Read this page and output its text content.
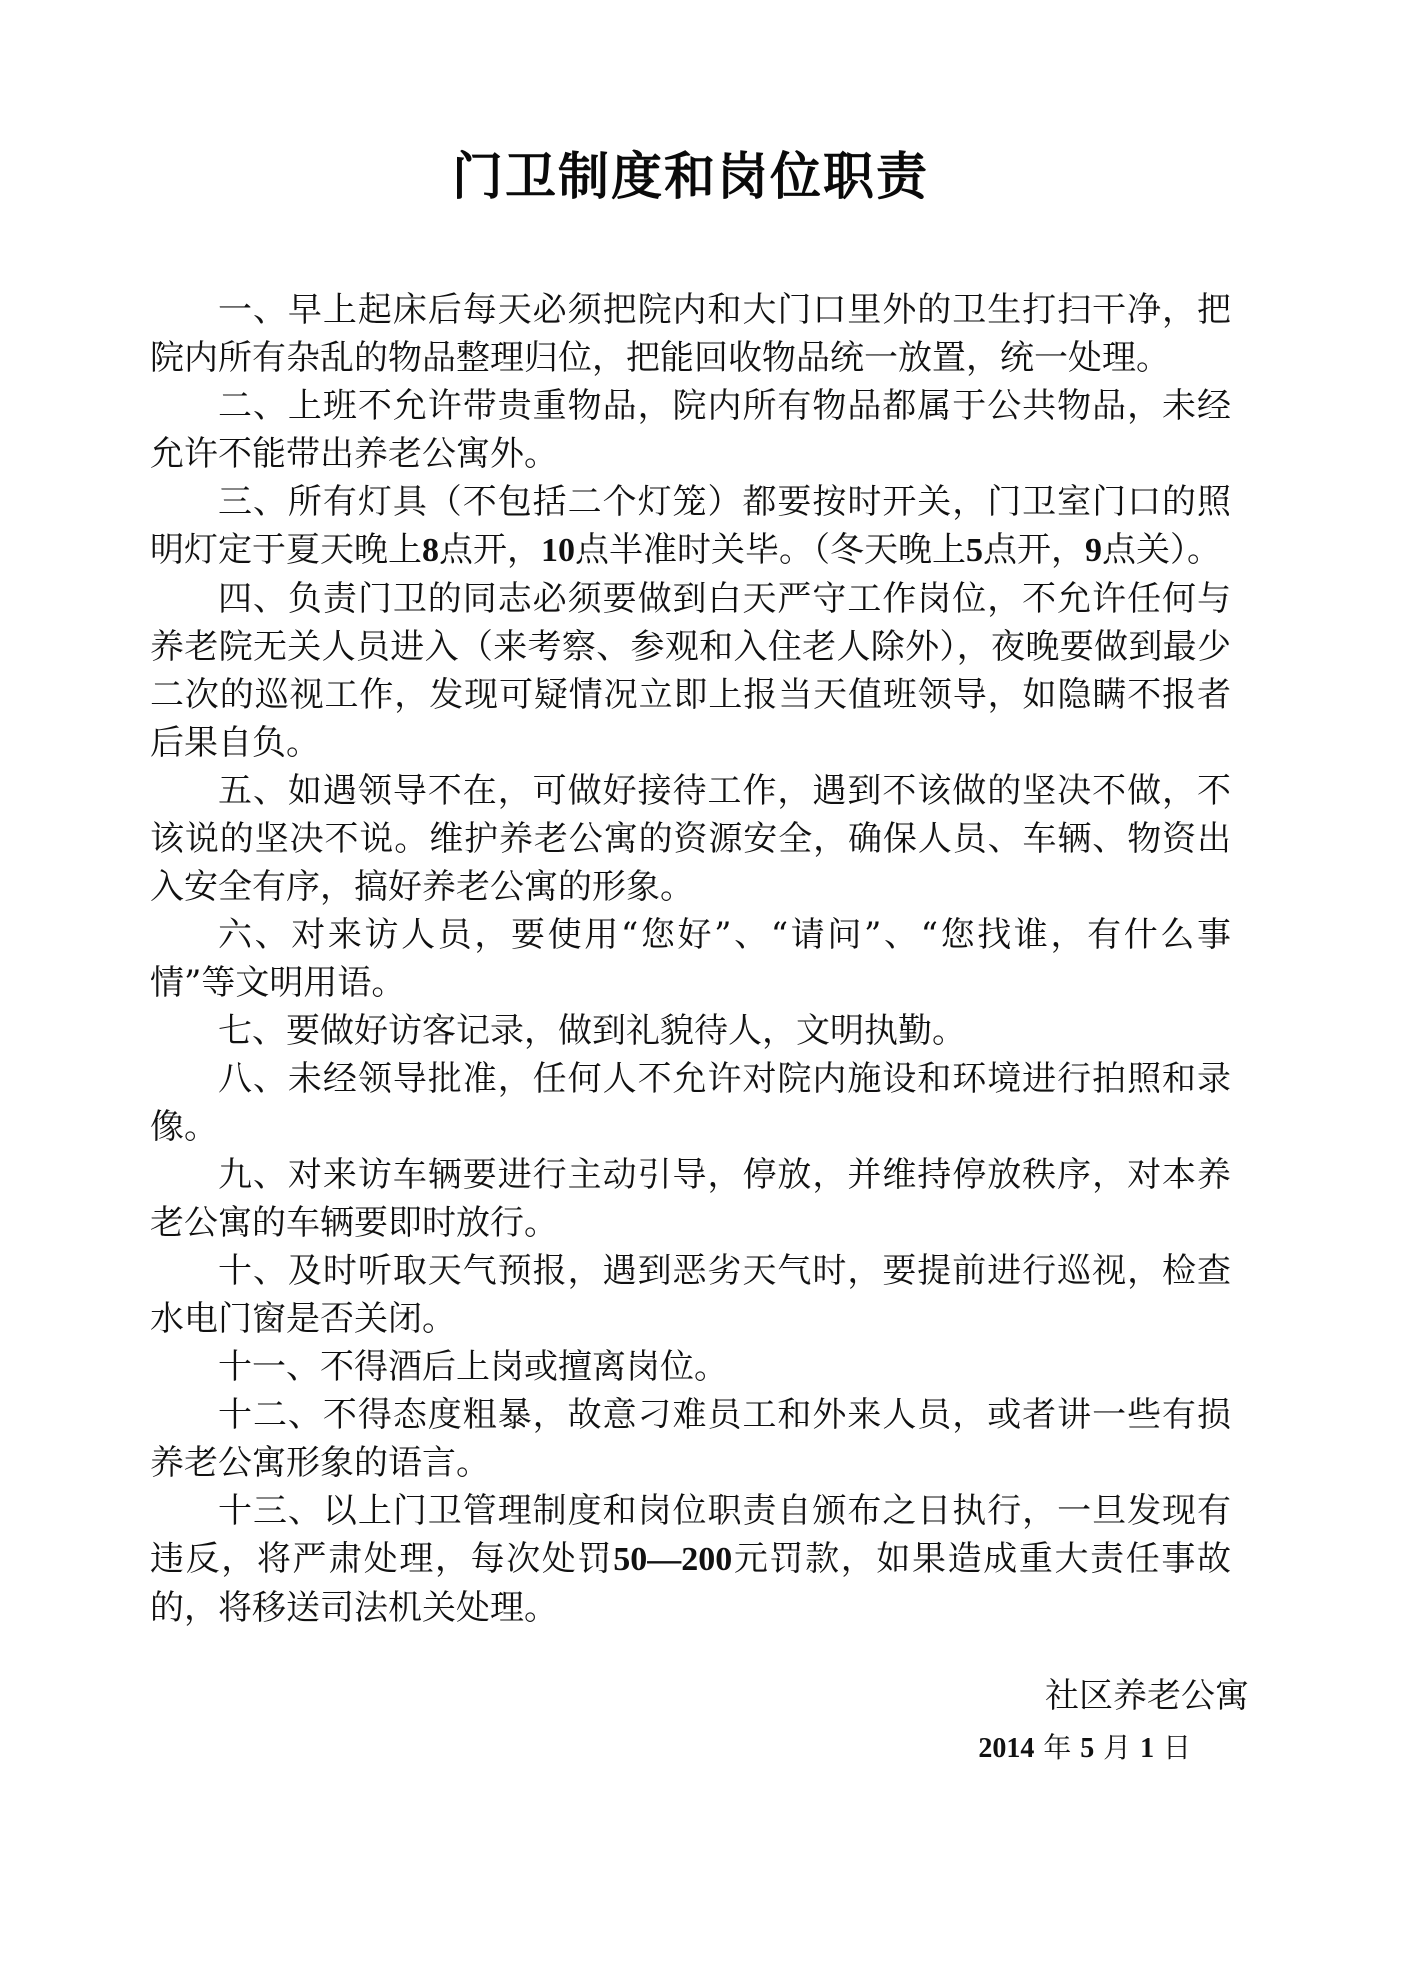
门卫制度和岗位职责

一、早上起床后每天必须把院内和大门口里外的卫生打扫干净，把院内所有杂乱的物品整理归位，把能回收物品统一放置，统一处理。

二、上班不允许带贵重物品，院内所有物品都属于公共物品，未经允许不能带出养老公寓外。

三、所有灯具（不包括二个灯笼）都要按时开关，门卫室门口的照明灯定于夏天晚上8点开，10点半准时关毕。（冬天晚上5点开，9点关）。

四、负责门卫的同志必须要做到白天严守工作岗位，不允许任何与养老院无关人员进入（来考察、参观和入住老人除外），夜晚要做到最少二次的巡视工作，发现可疑情况立即上报当天值班领导，如隐瞒不报者后果自负。

五、如遇领导不在，可做好接待工作，遇到不该做的坚决不做，不该说的坚决不说。维护养老公寓的资源安全，确保人员、车辆、物资出入安全有序，搞好养老公寓的形象。

六、对来访人员，要使用“您好”、“请问”、“您找谁，有什么事情”等文明用语。

七、要做好访客记录，做到礼貌待人，文明执勤。

八、未经领导批准，任何人不允许对院内施设和环境进行拍照和录像。

九、对来访车辆要进行主动引导，停放，并维持停放秩序，对本养老公寓的车辆要即时放行。

十、及时听取天气预报，遇到恶劣天气时，要提前进行巡视，检查水电门窗是否关闭。

十一、不得酒后上岗或擅离岗位。

十二、不得态度粗暴，故意刁难员工和外来人员，或者讲一些有损养老公寓形象的语言。

十三、以上门卫管理制度和岗位职责自颁布之日执行，一旦发现有违反，将严肃处理，每次处罚50—200元罚款，如果造成重大责任事故的，将移送司法机关处理。

社区养老公寓

2014 年 5 月 1 日
